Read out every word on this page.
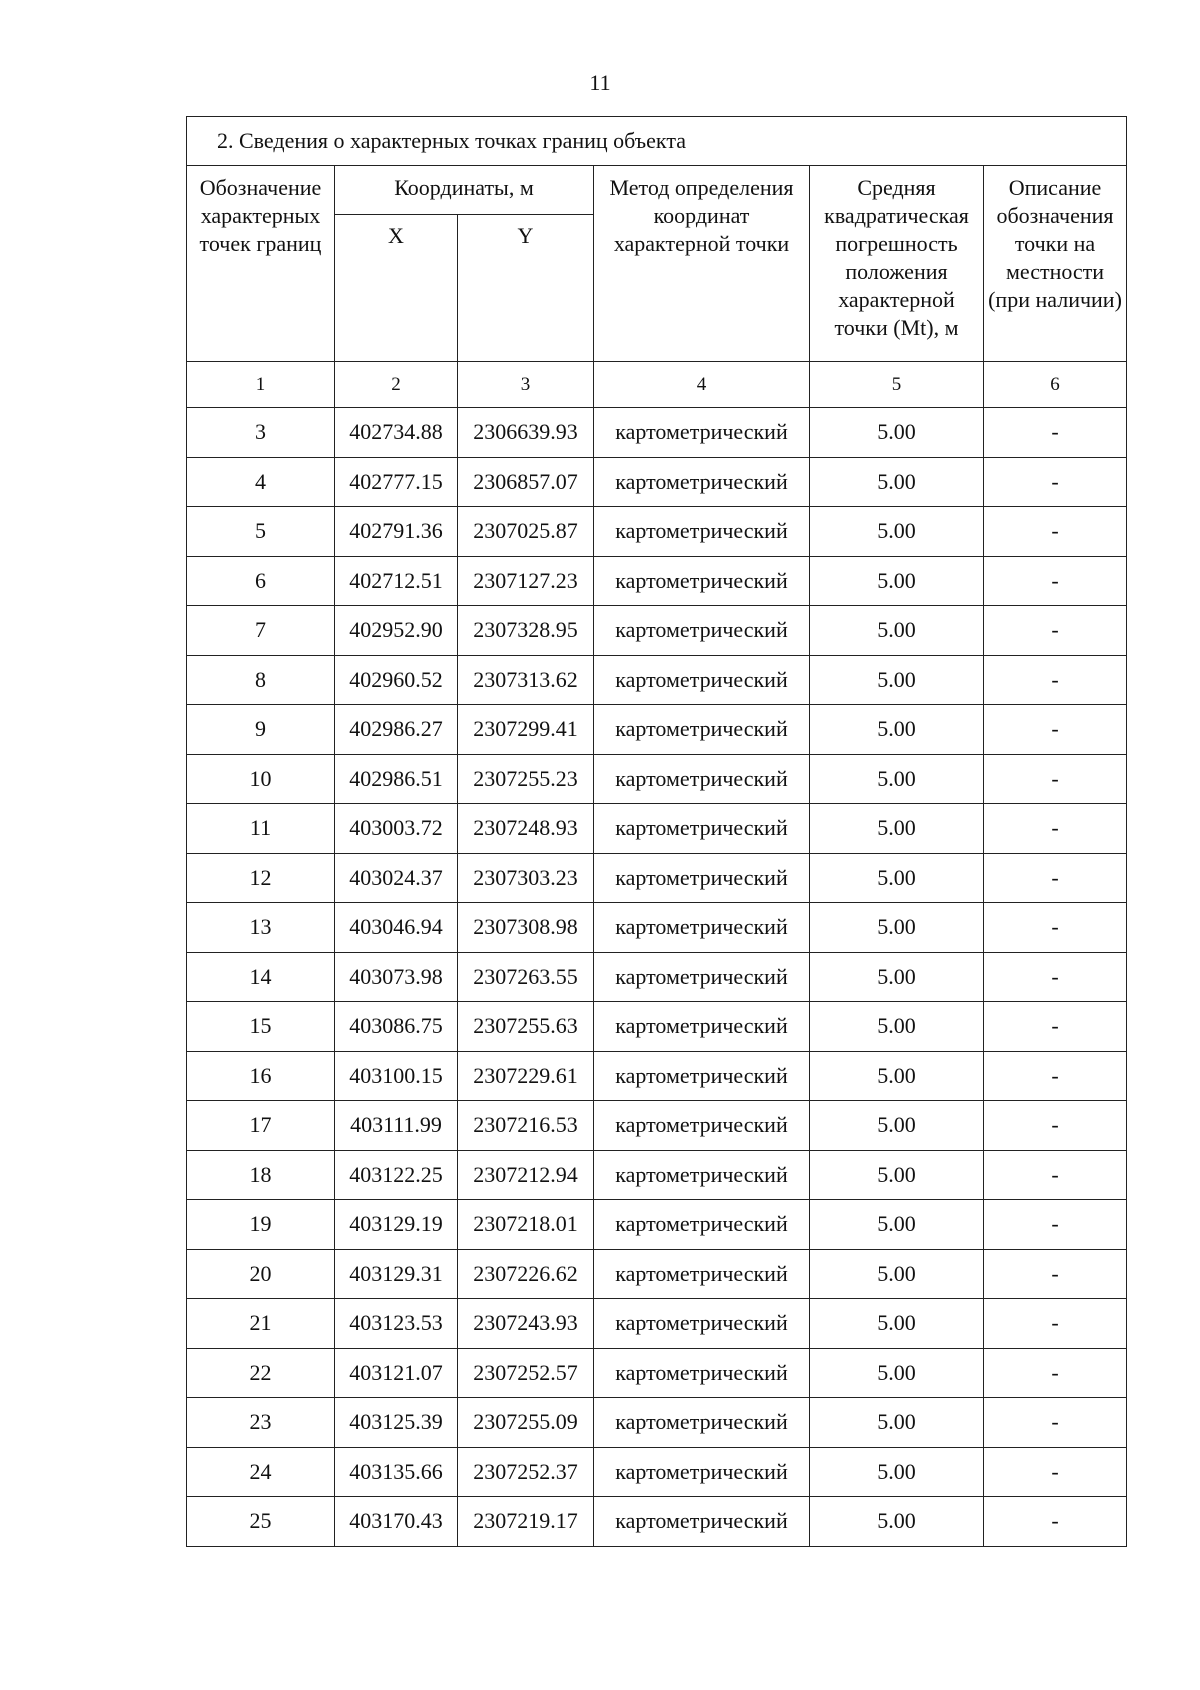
11
2. Сведения о характерных точках границ объекта					
Обозначение характерных точек границ	Координаты, м		Метод определения координат характерной точки	Средняя квадратическая погрешность положения характерной точки (Mt), м	Описание обозначения точки на местности (при наличии)
	X	Y			
1	2	3	4	5	6
3	402734.88	2306639.93	картометрический	5.00	-
4	402777.15	2306857.07	картометрический	5.00	-
5	402791.36	2307025.87	картометрический	5.00	-
6	402712.51	2307127.23	картометрический	5.00	-
7	402952.90	2307328.95	картометрический	5.00	-
8	402960.52	2307313.62	картометрический	5.00	-
9	402986.27	2307299.41	картометрический	5.00	-
10	402986.51	2307255.23	картометрический	5.00	-
11	403003.72	2307248.93	картометрический	5.00	-
12	403024.37	2307303.23	картометрический	5.00	-
13	403046.94	2307308.98	картометрический	5.00	-
14	403073.98	2307263.55	картометрический	5.00	-
15	403086.75	2307255.63	картометрический	5.00	-
16	403100.15	2307229.61	картометрический	5.00	-
17	403111.99	2307216.53	картометрический	5.00	-
18	403122.25	2307212.94	картометрический	5.00	-
19	403129.19	2307218.01	картометрический	5.00	-
20	403129.31	2307226.62	картометрический	5.00	-
21	403123.53	2307243.93	картометрический	5.00	-
22	403121.07	2307252.57	картометрический	5.00	-
23	403125.39	2307255.09	картометрический	5.00	-
24	403135.66	2307252.37	картометрический	5.00	-
25	403170.43	2307219.17	картометрический	5.00	-
